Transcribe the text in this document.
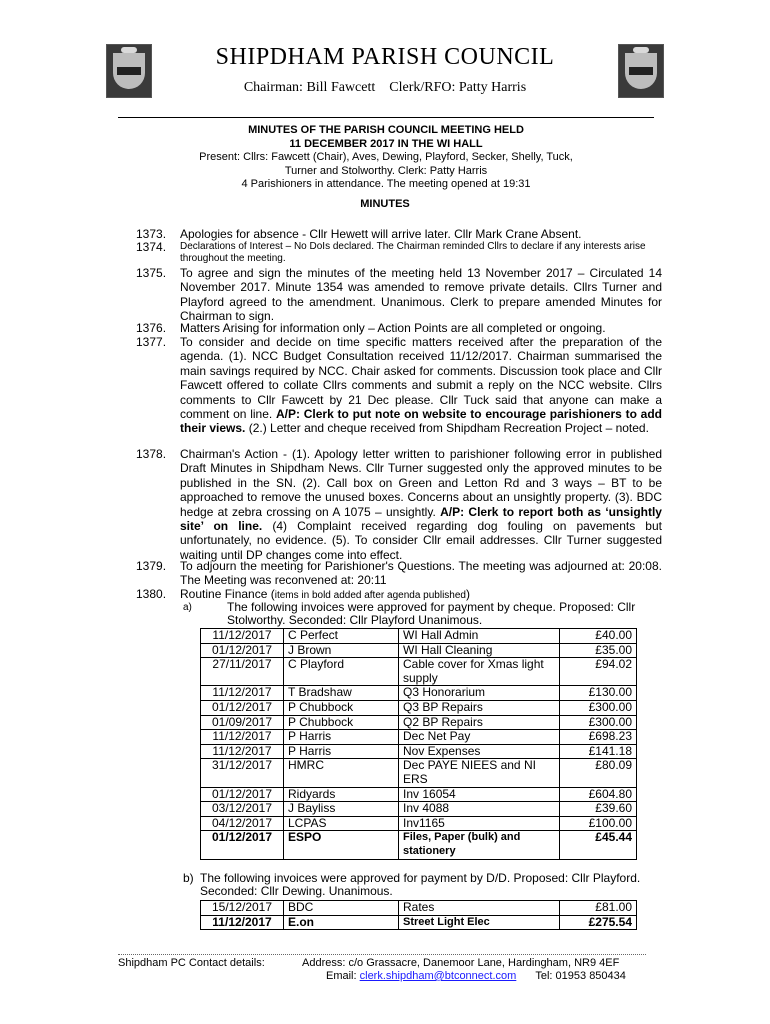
SHIPDHAM PARISH COUNCIL
Chairman: Bill Fawcett Clerk/RFO: Patty Harris
MINUTES OF THE PARISH COUNCIL MEETING HELD
11 DECEMBER 2017 IN THE WI HALL
Present: Cllrs: Fawcett (Chair), Aves, Dewing, Playford, Secker, Shelly, Tuck,
Turner and Stolworthy. Clerk: Patty Harris
4 Parishioners in attendance. The meeting opened at 19:31
MINUTES
1373. Apologies for absence - Cllr Hewett will arrive later. Cllr Mark Crane Absent.
1374. Declarations of Interest – No DoIs declared. The Chairman reminded Cllrs to declare if any interests arise throughout the meeting.
1375. To agree and sign the minutes of the meeting held 13 November 2017 – Circulated 14 November 2017. Minute 1354 was amended to remove private details. Cllrs Turner and Playford agreed to the amendment. Unanimous. Clerk to prepare amended Minutes for Chairman to sign.
1376. Matters Arising for information only – Action Points are all completed or ongoing.
1377. To consider and decide on time specific matters received after the preparation of the agenda. (1). NCC Budget Consultation received 11/12/2017. Chairman summarised the main savings required by NCC. Chair asked for comments. Discussion took place and Cllr Fawcett offered to collate Cllrs comments and submit a reply on the NCC website. Cllrs comments to Cllr Fawcett by 21 Dec please. Cllr Tuck said that anyone can make a comment on line. A/P: Clerk to put note on website to encourage parishioners to add their views. (2.) Letter and cheque received from Shipdham Recreation Project – noted.
1378. Chairman's Action - (1). Apology letter written to parishioner following error in published Draft Minutes in Shipdham News. Cllr Turner suggested only the approved minutes to be published in the SN. (2). Call box on Green and Letton Rd and 3 ways – BT to be approached to remove the unused boxes. Concerns about an unsightly property. (3). BDC hedge at zebra crossing on A 1075 – unsightly. A/P: Clerk to report both as ‘unsightly site’ on line. (4) Complaint received regarding dog fouling on pavements but unfortunately, no evidence. (5). To consider Cllr email addresses. Cllr Turner suggested waiting until DP changes come into effect.
1379. To adjourn the meeting for Parishioner's Questions. The meeting was adjourned at: 20:08. The Meeting was reconvened at: 20:11
1380. Routine Finance (items in bold added after agenda published)
a)	The following invoices were approved for payment by cheque. Proposed: Cllr Stolworthy. Seconded: Cllr Playford Unanimous.
11/12/2017	C Perfect	WI Hall Admin	£40.00
01/12/2017	J Brown	WI Hall Cleaning	£35.00
27/11/2017	C Playford	Cable cover for Xmas light supply	£94.02
11/12/2017	T Bradshaw	Q3 Honorarium	£130.00
01/12/2017	P Chubbock	Q3 BP Repairs	£300.00
01/09/2017	P Chubbock	Q2 BP Repairs	£300.00
11/12/2017	P Harris	Dec Net Pay	£698.23
11/12/2017	P Harris	Nov Expenses	£141.18
31/12/2017	HMRC	Dec PAYE NIEES and NI ERS	£80.09
01/12/2017	Ridyards	Inv 16054	£604.80
03/12/2017	J Bayliss	Inv 4088	£39.60
04/12/2017	LCPAS	Inv1165	£100.00
01/12/2017	ESPO	Files, Paper (bulk) and stationery	£45.44
b) The following invoices were approved for payment by D/D. Proposed: Cllr Playford. Seconded: Cllr Dewing. Unanimous.
15/12/2017	BDC	Rates	£81.00
11/12/2017	E.on	Street Light Elec	£275.54
Shipdham PC Contact details:	Address: c/o Grassacre, Danemoor Lane, Hardingham, NR9 4EF
Email: clerk.shipdham@btconnect.com Tel: 01953 850434
